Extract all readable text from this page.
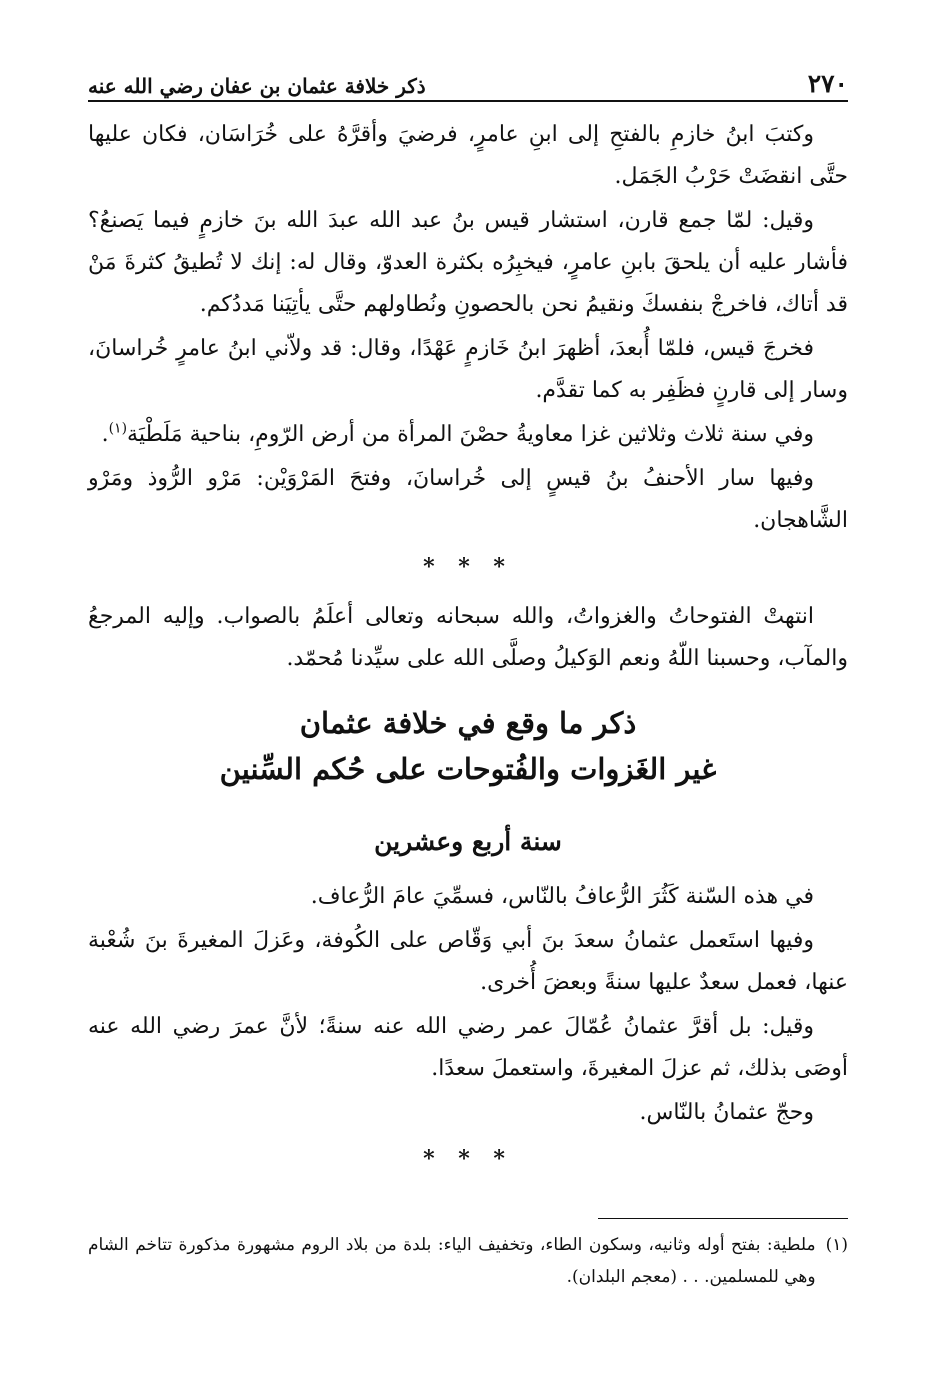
٢٧٠
ذكر خلافة عثمان بن عفان رضي الله عنه

وكتبَ ابنُ خازمِ بالفتحِ إلى ابنِ عامرٍ، فرضيَ وأقرَّهُ على خُرَاسَان، فكان عليها حتَّى انقضَتْ حَرْبُ الجَمَل.

وقيل: لمّا جمع قارن، استشار قيس بنُ عبد الله عبدَ الله بنَ خازمٍ فيما يَصنعُ؟ فأشار عليه أن يلحقَ بابنِ عامرٍ، فيخبِرُه بكثرة العدوّ، وقال له: إنك لا تُطيقُ كثرةَ مَنْ قد أتاك، فاخرجْ بنفسكَ ونقيمُ نحن بالحصونِ ونُطاولهم حتَّى يأتِيَنا مَددُكم.

فخرجَ قيس، فلمّا أُبعدَ، أظهرَ ابنُ خَازمٍ عَهْدًا، وقال: قد ولاّني ابنُ عامرٍ خُراسانَ، وسار إلى قارنٍ فظَفِر به كما تقدَّم.

وفي سنة ثلاث وثلاثين غزا معاويةُ حصْنَ المرأة من أرض الرّومِ، بناحية مَلَطْيَة$^{(١)}$.

وفيها سار الأحنفُ بنُ قيسٍ إلى خُراسانَ، وفتحَ المَرْوَيْن: مَرْو الرُّوذ ومَرْو الشَّاهجان.

* * *

انتهتْ الفتوحاتُ والغزواتُ، والله سبحانه وتعالى أعلَمُ بالصواب. وإليه المرجعُ والمآب، وحسبنا اللّهُ ونعم الوَكيلُ وصلَّى الله على سيِّدنا مُحمّد.

ذكر ما وقع في خلافة عثمان

غير الغَزوات والفُتوحات على حُكم السِّنين

سنة أربع وعشرين

في هذه السّنة كَثُرَ الرُّعافُ بالنّاس، فسمِّيَ عامَ الرُّعاف.

وفيها استَعمل عثمانُ سعدَ بنَ أبي وَقّاص على الكُوفة، وعَزلَ المغيرةَ بنَ شُعْبة عنها، فعمل سعدٌ عليها سنةً وبعضَ أُخرى.

وقيل: بل أقرَّ عثمانُ عُمّالَ عمر رضي الله عنه سنةً؛ لأنَّ عمرَ رضي الله عنه أوصَى بذلك، ثم عزلَ المغيرةَ، واستعملَ سعدًا.

وحجّ عثمانُ بالنّاس.

* * *

(١)
ملطية: بفتح أوله وثانيه، وسكون الطاء، وتخفيف الياء: بلدة من بلاد الروم مشهورة مذكورة تتاخم الشام وهي للمسلمين. . . (معجم البلدان).
